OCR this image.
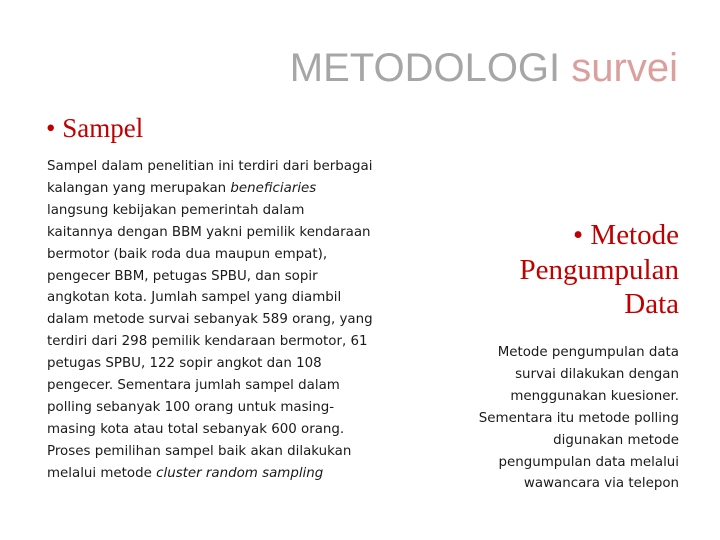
METODOLOGI survei
• Sampel

Sampel dalam penelitian ini terdiri dari berbagai

kalangan yang merupakan beneficiaries

langsung kebijakan pemerintah dalam

kaitannya dengan BBM yakni pemilik kendaraan

bermotor (baik roda dua maupun empat),

pengecer BBM, petugas SPBU, dan sopir

angkotan kota. Jumlah sampel yang diambil

dalam metode survai sebanyak 589 orang, yang

terdiri dari 298 pemilik kendaraan bermotor, 61

petugas SPBU, 122 sopir angkot dan 108

pengecer. Sementara jumlah sampel dalam

polling sebanyak 100 orang untuk masing-

masing kota atau total sebanyak 600 orang.

Proses pemilihan sampel baik akan dilakukan

melalui metode cluster random sampling

• Metode

Pengumpulan

Data

Metode pengumpulan data

survai dilakukan dengan

menggunakan kuesioner.

Sementara itu metode polling

digunakan metode

pengumpulan data melalui

wawancara via telepon
